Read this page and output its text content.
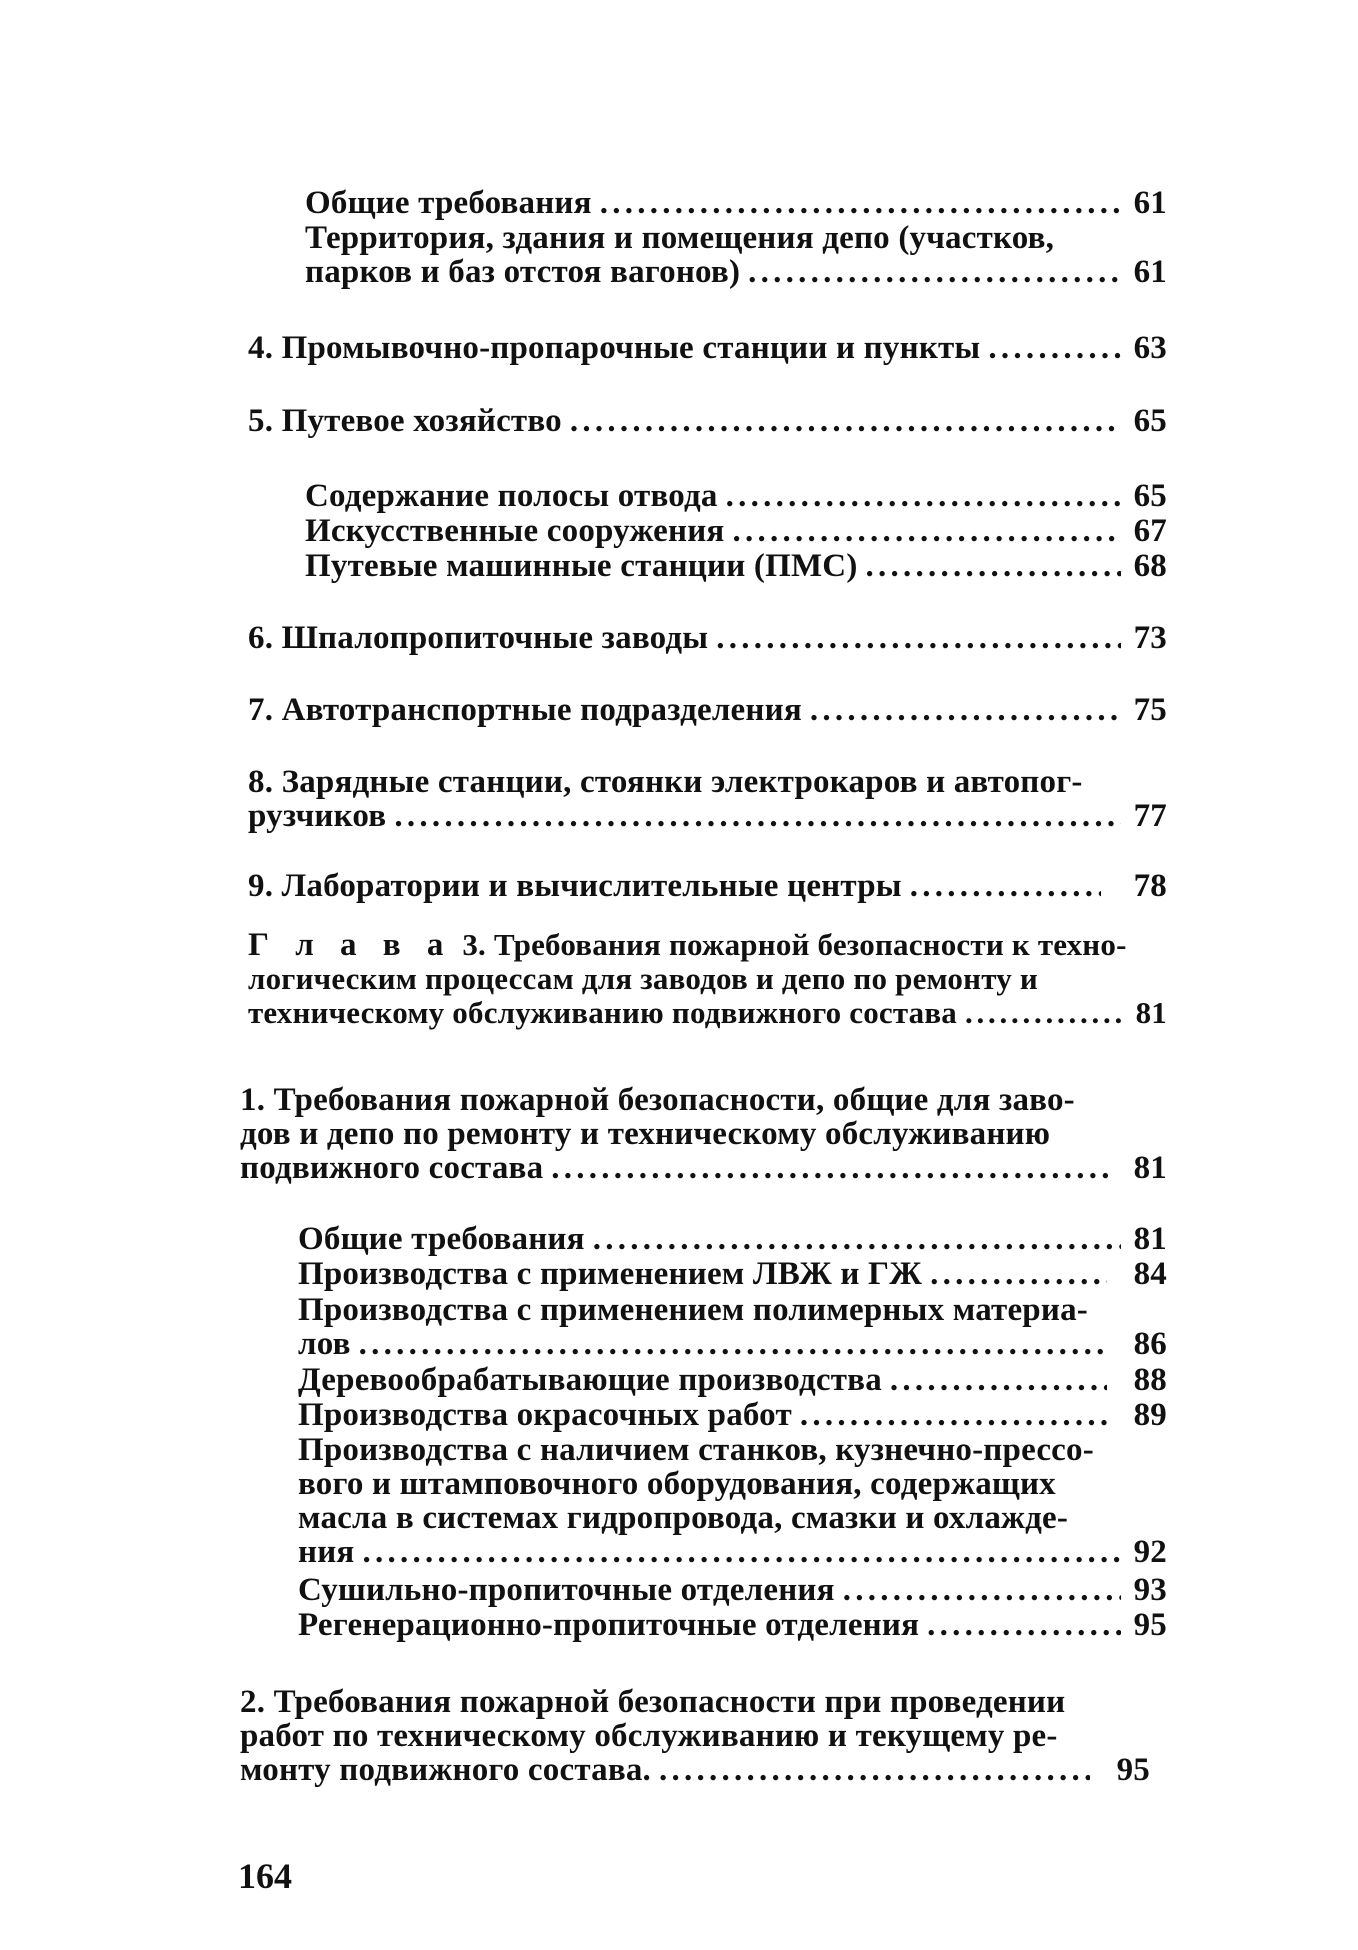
Общие требования . . .	61
Территория, здания и помещения депо (участков,
парков и баз отстоя вагонов) . . .	61
4. Промывочно-пропарочные станции и пункты . . .	63
5. Путевое хозяйство . . .	65
Содержание полосы отвода . . .	65
Искусственные сооружения . . .	67
Путевые машинные станции (ПМС) . . .	68
6. Шпалопропиточные заводы . . .	73
7. Автотранспортные подразделения . . .	75
8. Зарядные станции, стоянки электрокаров и автопог-
рузчиков . . .	77
9. Лаборатории и вычислительные центры . . .	78
Г л а в а 3. Требования пожарной безопасности к техно-
логическим процессам для заводов и депо по ремонту и
техническому обслуживанию подвижного состава . . .	81
1. Требования пожарной безопасности, общие для заво-
дов и депо по ремонту и техническому обслуживанию
подвижного состава . . .	81
Общие требования . . .	81
Производства с применением ЛВЖ и ГЖ . . .	84
Производства с применением полимерных материа-
лов . . .	86
Деревообрабатывающие производства . . .	88
Производства окрасочных работ . . .	89
Производства с наличием станков, кузнечно-прессо-
вого и штамповочного оборудования, содержащих
масла в системах гидропровода, смазки и охлажде-
ния . . .	92
Сушильно-пропиточные отделения . . .	93
Регенерационно-пропиточные отделения . . .	95
2. Требования пожарной безопасности при проведении
работ по техническому обслуживанию и текущему ре-
монту подвижного состава. . . .	95
164
